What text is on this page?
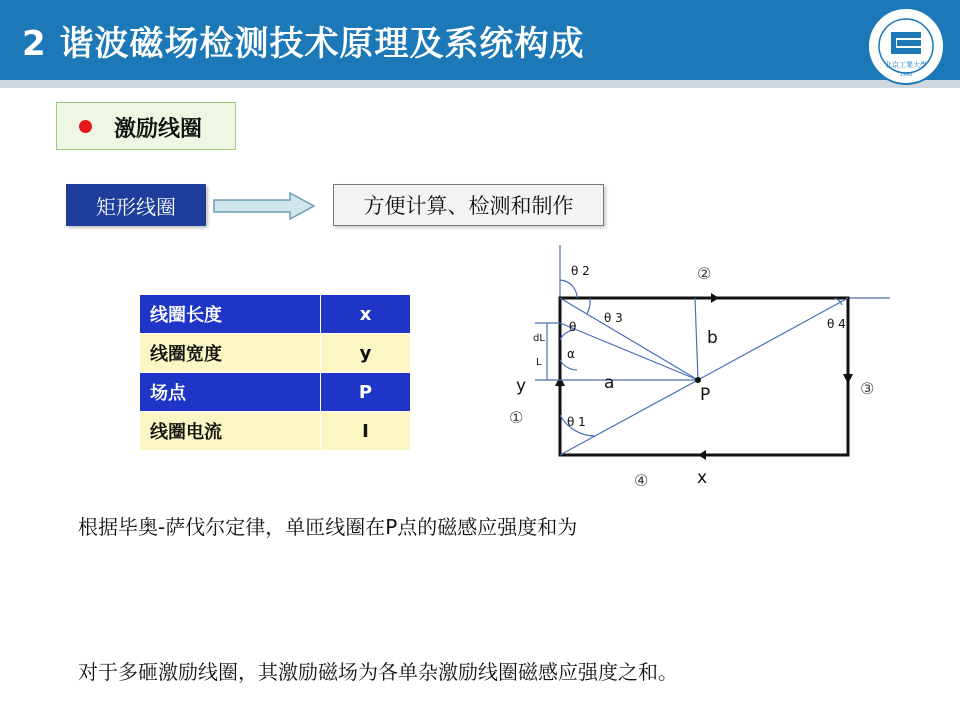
2 谐波磁场检测技术原理及系统构成
北京工業大學
1960
激励线圈
矩形线圈	方便计算、检测和制作
线圈长度	x
线圈宽度	y
场点	P
线圈电流	I
θ 2
θ 3
θ	θ 4
θ 1
dL
L
α
b
a
P
y
x
①
②
③
④
根据毕奥-萨伐尔定律，单匝线圈在P点的磁感应强度和为
对于多砸激励线圈，其激励磁场为各单杂激励线圈磁感应强度之和。
